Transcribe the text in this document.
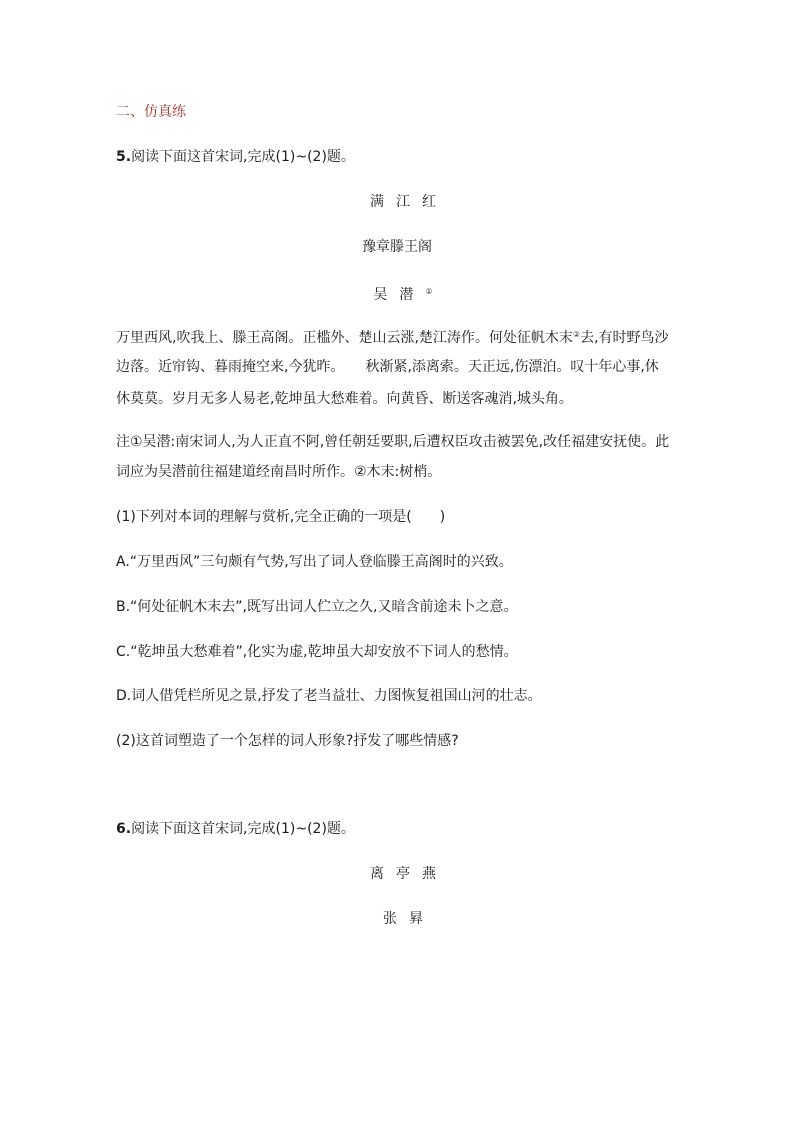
二、仿真练
5.阅读下面这首宋词,完成(1)~(2)题。
满江红
豫章滕王阁
吴潜①
万里西风,吹我上、滕王高阁。正槛外、楚山云涨,楚江涛作。何处征帆木末②去,有时野鸟沙
边落。近帘钩、暮雨掩空来,今犹昨。　　秋渐紧,添离索。天正远,伤漂泊。叹十年心事,休
休莫莫。岁月无多人易老,乾坤虽大愁难着。向黄昏、断送客魂消,城头角。
注①吴潜:南宋词人,为人正直不阿,曾任朝廷要职,后遭权臣攻击被罢免,改任福建安抚使。此
词应为吴潜前往福建道经南昌时所作。②木末:树梢。
(1)下列对本词的理解与赏析,完全正确的一项是(　　)
A.“万里西风”三句颇有气势,写出了词人登临滕王高阁时的兴致。
B.“何处征帆木末去”,既写出词人伫立之久,又暗含前途未卜之意。
C.“乾坤虽大愁难着”,化实为虚,乾坤虽大却安放不下词人的愁情。
D.词人借凭栏所见之景,抒发了老当益壮、力图恢复祖国山河的壮志。
(2)这首词塑造了一个怎样的词人形象?抒发了哪些情感?
6.阅读下面这首宋词,完成(1)~(2)题。
离亭燕
张昪
